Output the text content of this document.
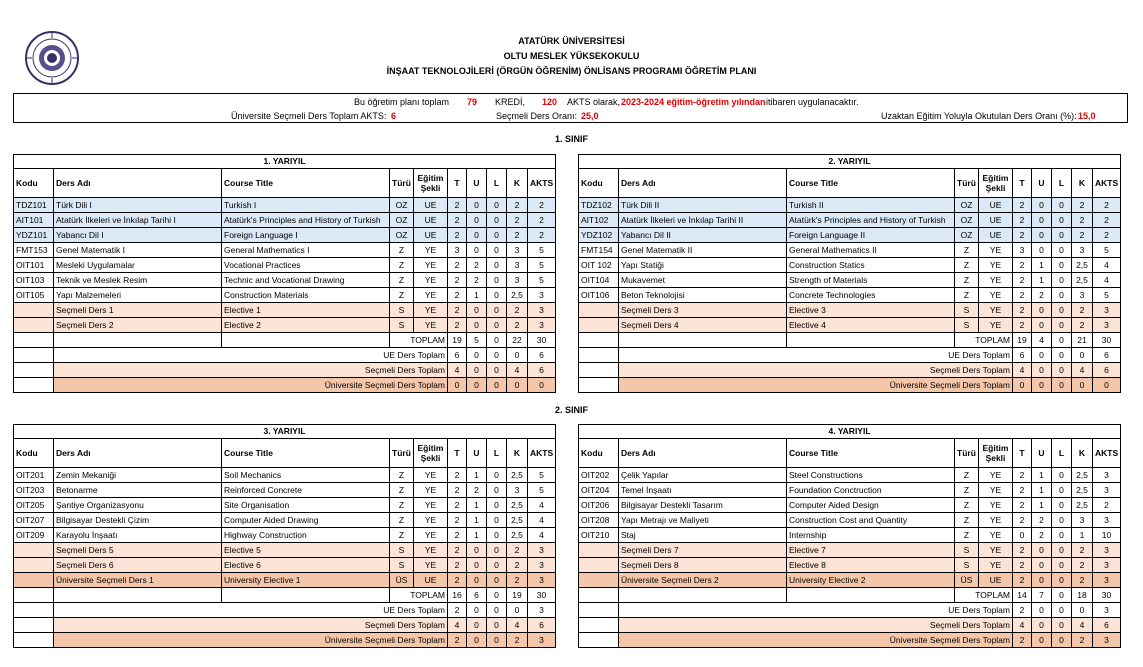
ATATÜRK ÜNİVERSİTESİ
OLTU MESLEK YÜKSEKOKULU
İNŞAAT TEKNOLOJİLERİ (ÖRGÜN ÖĞRENİM) ÖNLİSANS PROGRAMI ÖĞRETİM PLANI
Bu öğretim planı toplam 79 KREDİ, 120 AKTS olarak, 2023-2024 eğitim-öğretim yılından itibaren uygulanacaktır.
Üniversite Seçmeli Ders Toplam AKTS: 6	Seçmeli Ders Oranı: 25,0	Uzaktan Eğitim Yoluyla Okutulan Ders Oranı (%): 15,0
1. SINIF
2. SINIF
1. YARIYIL									
Kodu	Ders Adı	Course Title	Türü	Eğitim Şekli	T	U	L	K	AKTS
TDZ101	Türk Dili I	Turkish I	OZ	UE	2	0	0	2	2
AIT101	Atatürk İlkeleri ve İnkılap Tarihi I	Atatürk's Principles and History of Turkish	OZ	UE	2	0	0	2	2
YDZ101	Yabancı Dil I	Foreign Language I	OZ	UE	2	0	0	2	2
FMT153	Genel Matematik I	General Mathematics I	Z	YE	3	0	0	3	5
OIT101	Mesleki Uygulamalar	Vocational Practices	Z	YE	2	2	0	3	5
OIT103	Teknik ve Meslek Resim	Technic and Vocational Drawing	Z	YE	2	2	0	3	5
OIT105	Yapı Malzemeleri	Construction Materials	Z	YE	2	1	0	2,5	3
	Seçmeli Ders 1	Elective 1	S	YE	2	0	0	2	3
	Seçmeli Ders 2	Elective 2	S	YE	2	0	0	2	3
			TOPLAM		19	5	0	22	30
	UE Ders Toplam				6	0	0	0	6
	Seçmeli Ders Toplam				4	0	0	4	6
	Üniversite Seçmeli Ders Toplam				0	0	0	0	0
2. YARIYIL									
Kodu	Ders Adı	Course Title	Türü	Eğitim Şekli	T	U	L	K	AKTS
TDZ102	Türk Dili II	Turkish II	OZ	UE	2	0	0	2	2
AIT102	Atatürk İlkeleri ve İnkılap Tarihi II	Atatürk's Principles and History of Turkish	OZ	UE	2	0	0	2	2
YDZ102	Yabancı Dil II	Foreign Language II	OZ	UE	2	0	0	2	2
FMT154	Genel Matematik II	General Mathematics II	Z	YE	3	0	0	3	5
OIT 102	Yapı Statiği	Construction Statics	Z	YE	2	1	0	2,5	4
OIT104	Mukavemet	Strength of Materials	Z	YE	2	1	0	2,5	4
OIT106	Beton Teknolojisi	Concrete Technologies	Z	YE	2	2	0	3	5
	Seçmeli Ders 3	Elective 3	S	YE	2	0	0	2	3
	Seçmeli Ders 4	Elective 4	S	YE	2	0	0	2	3
			TOPLAM		19	4	0	21	30
	UE Ders Toplam				6	0	0	0	6
	Seçmeli Ders Toplam				4	0	0	4	6
	Üniversite Seçmeli Ders Toplam				0	0	0	0	0
3. YARIYIL									
Kodu	Ders Adı	Course Title	Türü	Eğitim Şekli	T	U	L	K	AKTS
OIT201	Zemin Mekaniği	Soil Mechanics	Z	YE	2	1	0	2,5	5
OIT203	Betonarme	Reinforced Concrete	Z	YE	2	2	0	3	5
OIT205	Şantiye Organizasyonu	Site Organisation	Z	YE	2	1	0	2,5	4
OIT207	Bilgisayar Destekli Çizim	Computer Aided Drawing	Z	YE	2	1	0	2,5	4
OIT209	Karayolu İnşaatı	Highway Construction	Z	YE	2	1	0	2,5	4
	Seçmeli Ders 5	Elective 5	S	YE	2	0	0	2	3
	Seçmeli Ders 6	Elective 6	S	YE	2	0	0	2	3
	Üniversite Seçmeli Ders 1	University Elective 1	ÜS	UE	2	0	0	2	3
			TOPLAM		16	6	0	19	30
	UE Ders Toplam				2	0	0	0	3
	Seçmeli Ders Toplam				4	0	0	4	6
	Üniversite Seçmeli Ders Toplam				2	0	0	2	3
4. YARIYIL									
Kodu	Ders Adı	Course Title	Türü	Eğitim Şekli	T	U	L	K	AKTS
OIT202	Çelik Yapılar	Steel Constructions	Z	YE	2	1	0	2,5	3
OIT204	Temel İnşaatı	Foundation Conctruction	Z	YE	2	1	0	2,5	3
OIT206	Bilgisayar Destekli Tasarım	Computer Aided Design	Z	YE	2	1	0	2,5	2
OIT208	Yapı Metrajı ve Maliyeti	Construction Cost and Quantity	Z	YE	2	2	0	3	3
OIT210	Staj	Internship	Z	YE	0	2	0	1	10
	Seçmeli Ders 7	Elective 7	S	YE	2	0	0	2	3
	Seçmeli Ders 8	Elective 8	S	YE	2	0	0	2	3
	Üniversite Seçmeli Ders 2	University Elective 2	ÜS	UE	2	0	0	2	3
			TOPLAM		14	7	0	18	30
	UE Ders Toplam				2	0	0	0	3
	Seçmeli Ders Toplam				4	0	0	4	6
	Üniversite Seçmeli Ders Toplam				2	0	0	2	3
